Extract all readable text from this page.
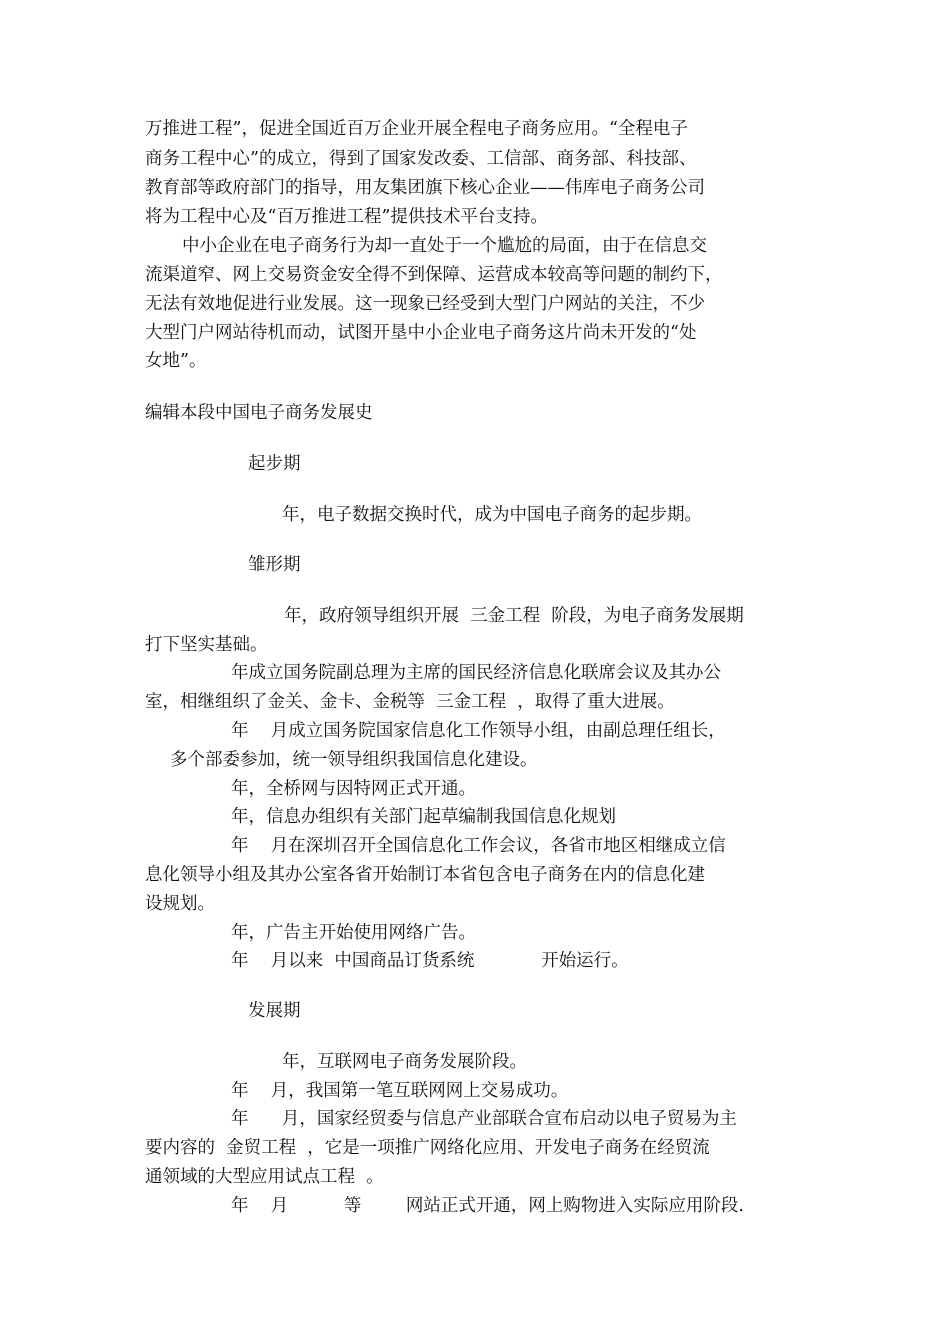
万推进工程”，促进全国近百万企业开展全程电子商务应用。“全程电子
商务工程中心”的成立，得到了国家发改委、工信部、商务部、科技部、
教育部等政府部门的指导，用友集团旗下核心企业——伟库电子商务公司
将为工程中心及“百万推进工程”提供技术平台支持。
中小企业在电子商务行为却一直处于一个尴尬的局面，由于在信息交
流渠道窄、网上交易资金安全得不到保障、运营成本较高等问题的制约下，
无法有效地促进行业发展。这一现象已经受到大型门户网站的关注，不少
大型门户网站待机而动，试图开垦中小企业电子商务这片尚未开发的“处
女地”。
编辑本段中国电子商务发展史
起步期
年，电子数据交换时代，成为中国电子商务的起步期。
雏形期
年，政府领导组织开展  三金工程  阶段，为电子商务发展期
打下坚实基础。
年成立国务院副总理为主席的国民经济信息化联席会议及其办公
室，相继组织了金关、金卡、金税等  三金工程  ，取得了重大进展。
年    月成立国务院国家信息化工作领导小组，由副总理任组长，
多个部委参加，统一领导组织我国信息化建设。
年，全桥网与因特网正式开通。
年，信息办组织有关部门起草编制我国信息化规划
年    月在深圳召开全国信息化工作会议，各省市地区相继成立信
息化领导小组及其办公室各省开始制订本省包含电子商务在内的信息化建
设规划。
年，广告主开始使用网络广告。
年    月以来  中国商品订货系统            开始运行。
发展期
年，互联网电子商务发展阶段。
年    月，我国第一笔互联网网上交易成功。
年      月，国家经贸委与信息产业部联合宣布启动以电子贸易为主
要内容的  金贸工程  ，它是一项推广网络化应用、开发电子商务在经贸流
通领域的大型应用试点工程  。
年    月          等        网站正式开通，网上购物进入实际应用阶段.
